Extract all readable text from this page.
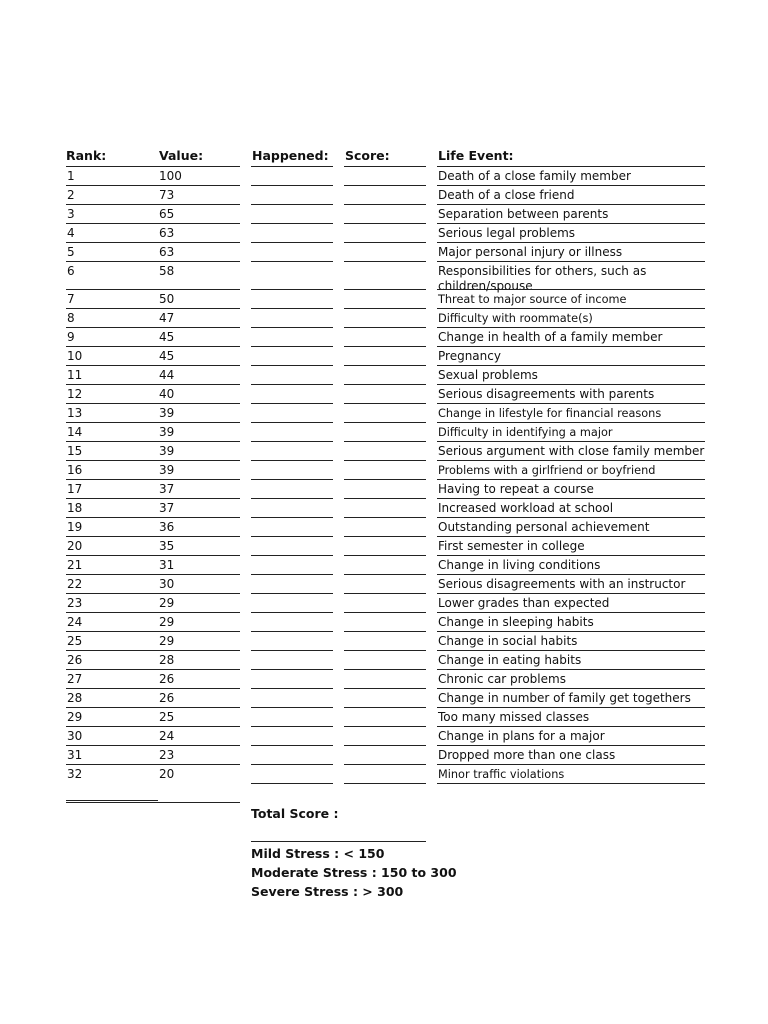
Rank:	Value:	Happened: Score:	Life Event:
1	100	Death of a close family member
2	73	Death of a close friend
3	65	Separation between parents
4	63	Serious legal problems
5	63	Major personal injury or illness
6	58	Responsibilities for others, such as children/spouse
7	50	Threat to major source of income
8	47	Difficulty with roommate(s)
9	45	Change in health of a family member
10	45	Pregnancy
11	44	Sexual problems
12	40	Serious disagreements with parents
13	39	Change in lifestyle for financial reasons
14	39	Difficulty in identifying a major
15	39	Serious argument with close family member
16	39	Problems with a girlfriend or boyfriend
17	37	Having to repeat a course
18	37	Increased workload at school
19	36	Outstanding personal achievement
20	35	First semester in college
21	31	Change in living conditions
22	30	Serious disagreements with an instructor
23	29	Lower grades than expected
24	29	Change in sleeping habits
25	29	Change in social habits
26	28	Change in eating habits
27	26	Chronic car problems
28	26	Change in number of family get togethers
29	25	Too many missed classes
30	24	Change in plans for a major
31	23	Dropped more than one class
32	20	Minor traffic violations
Total Score :
Mild Stress : < 150
Moderate Stress : 150 to 300
Severe Stress : > 300
